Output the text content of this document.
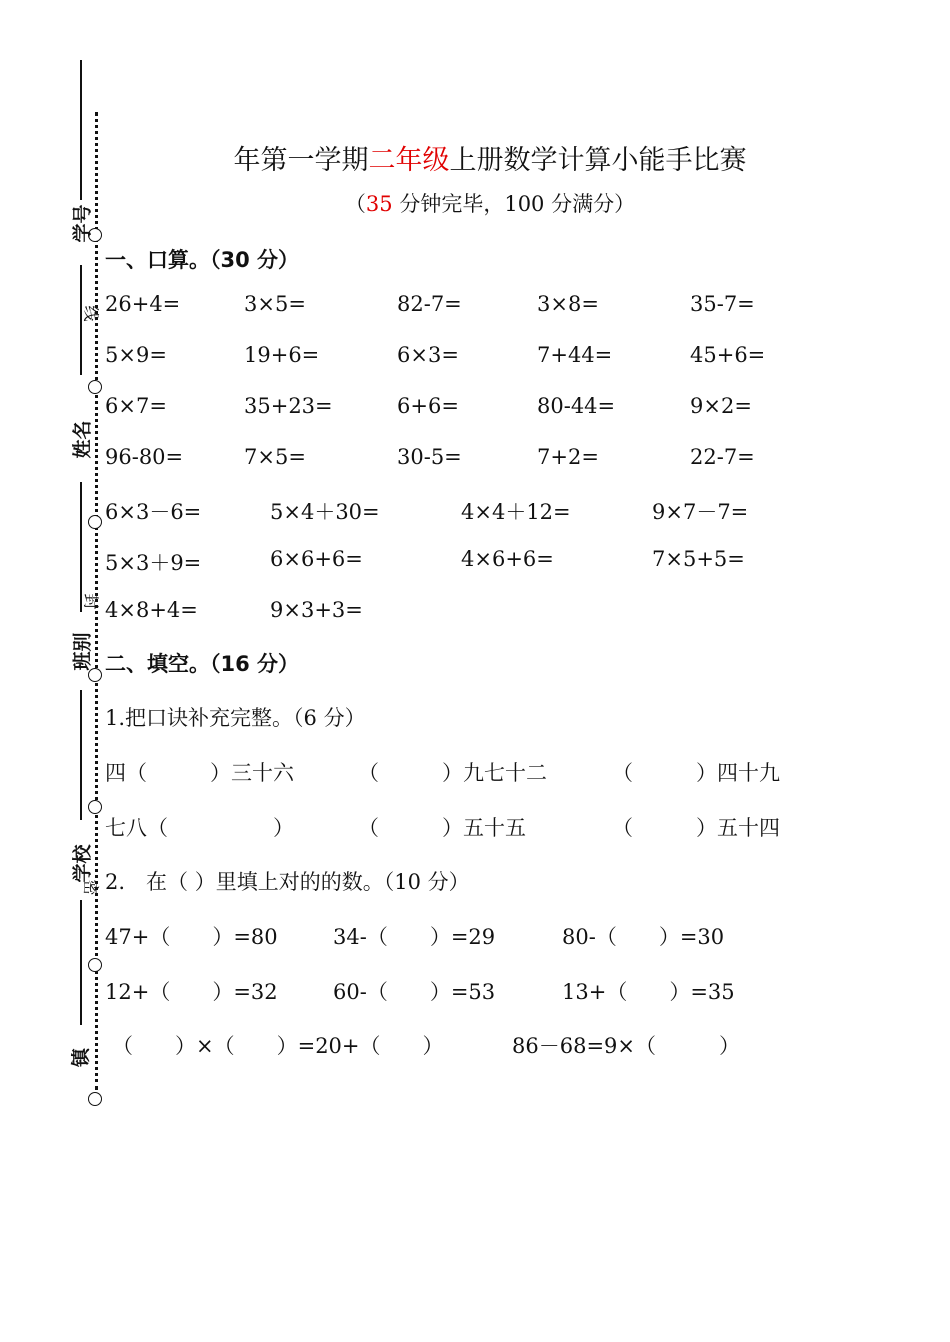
学号
姓名
班别
学校
镇
线
封
密
年第一学期二年级上册数学计算小能手比赛
（35 分钟完毕，100 分满分）
一、口算。（30 分）
26+4=	3×5=	82-7=	3×8=	35-7=
5×9=	19+6=	6×3=	7+44=	45+6=
6×7=	35+23=	6+6=	80-44=	9×2=
96-80=	7×5=	30-5=	7+2=	22-7=
6×3－6=	5×4＋30=	4×4＋12=	9×7－7=
5×3＋9=	6×6+6=	4×6+6=	7×5+5=
4×8+4=	9×3+3=
二、填空。（16 分）
1.把口诀补充完整。（6 分）
四（　　　）三十六	（　　　）九七十二	（　　　）四十九
七八（　　　　　）	（　　　）五十五	（　　　）五十四
2.　在（ ）里填上对的的数。（10 分）
47+（　　）=80	34-（　　）=29	80-（　　）=30
12+（　　）=32	60-（　　）=53	13+（　　）=35
（　　）×（　　）=20+（　　）	86－68=9×（　　　）
